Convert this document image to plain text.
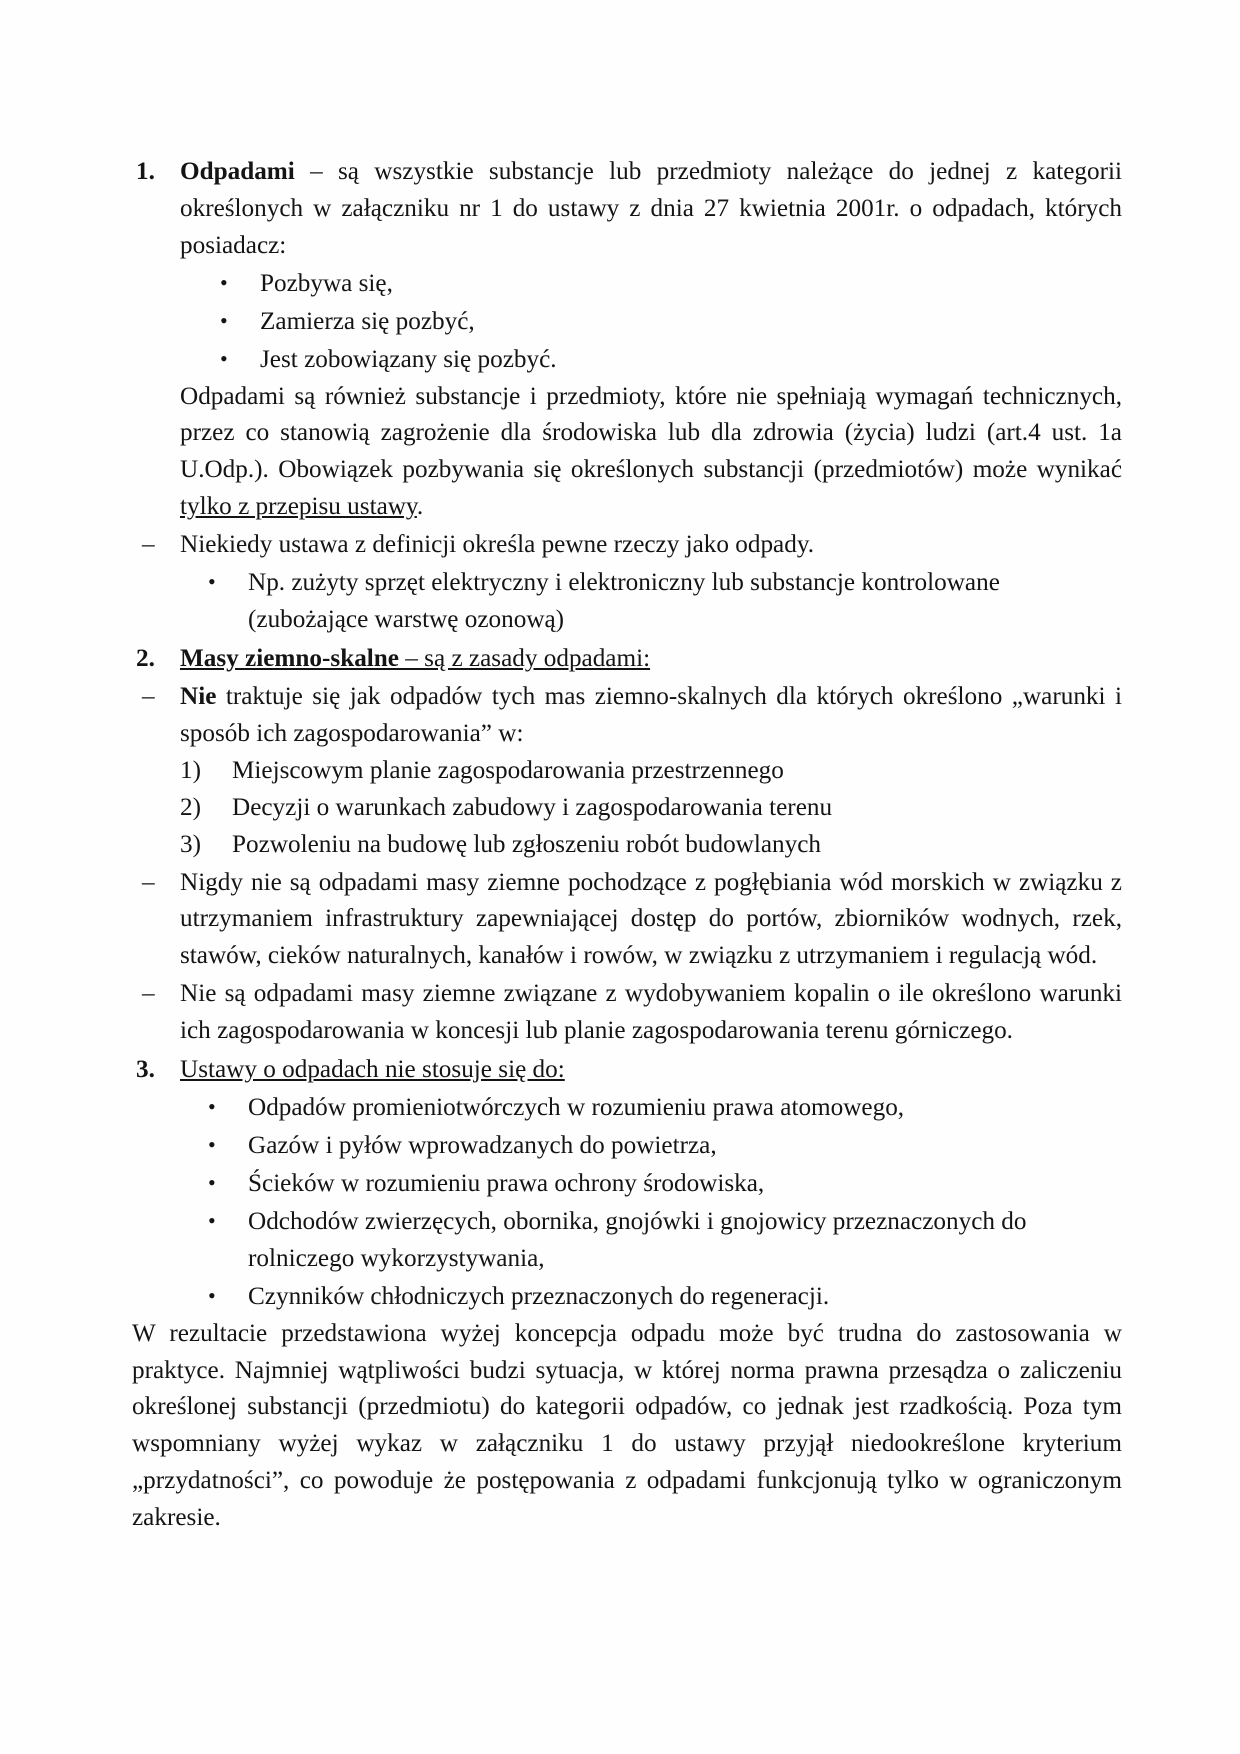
1. Odpadami – są wszystkie substancje lub przedmioty należące do jednej z kategorii określonych w załączniku nr 1 do ustawy z dnia 27 kwietnia 2001r. o odpadach, których posiadacz:
• Pozbywa się,
• Zamierza się pozbyć,
• Jest zobowiązany się pozbyć.
Odpadami są również substancje i przedmioty, które nie spełniają wymagań technicznych, przez co stanowią zagrożenie dla środowiska lub dla zdrowia (życia) ludzi (art.4 ust. 1a U.Odp.). Obowiązek pozbywania się określonych substancji (przedmiotów) może wynikać tylko z przepisu ustawy.
– Niekiedy ustawa z definicji określa pewne rzeczy jako odpady.
• Np. zużyty sprzęt elektryczny i elektroniczny lub substancje kontrolowane (zubożające warstwę ozonową)
2. Masy ziemno-skalne – są z zasady odpadami:
– Nie traktuje się jak odpadów tych mas ziemno-skalnych dla których określono „warunki i sposób ich zagospodarowania” w:
1) Miejscowym planie zagospodarowania przestrzennego
2) Decyzji o warunkach zabudowy i zagospodarowania terenu
3) Pozwoleniu na budowę lub zgłoszeniu robót budowlanych
– Nigdy nie są odpadami masy ziemne pochodzące z pogłębiania wód morskich w związku z utrzymaniem infrastruktury zapewniającej dostęp do portów, zbiorników wodnych, rzek, stawów, cieków naturalnych, kanałów i rowów, w związku z utrzymaniem i regulacją wód.
– Nie są odpadami masy ziemne związane z wydobywaniem kopalin o ile określono warunki ich zagospodarowania w koncesji lub planie zagospodarowania terenu górniczego.
3. Ustawy o odpadach nie stosuje się do:
• Odpadów promieniotwórczych w rozumieniu prawa atomowego,
• Gazów i pyłów wprowadzanych do powietrza,
• Ścieków w rozumieniu prawa ochrony środowiska,
• Odchodów zwierzęcych, obornika, gnojówki i gnojowicy przeznaczonych do rolniczego wykorzystywania,
• Czynników chłodniczych przeznaczonych do regeneracji.
W rezultacie przedstawiona wyżej koncepcja odpadu może być trudna do zastosowania w praktyce. Najmniej wątpliwości budzi sytuacja, w której norma prawna przesądza o zaliczeniu określonej substancji (przedmiotu) do kategorii odpadów, co jednak jest rzadkością. Poza tym wspomniany wyżej wykaz w załączniku 1 do ustawy przyjął niedookreślone kryterium „przydatności”, co powoduje że postępowania z odpadami funkcjonują tylko w ograniczonym zakresie.
